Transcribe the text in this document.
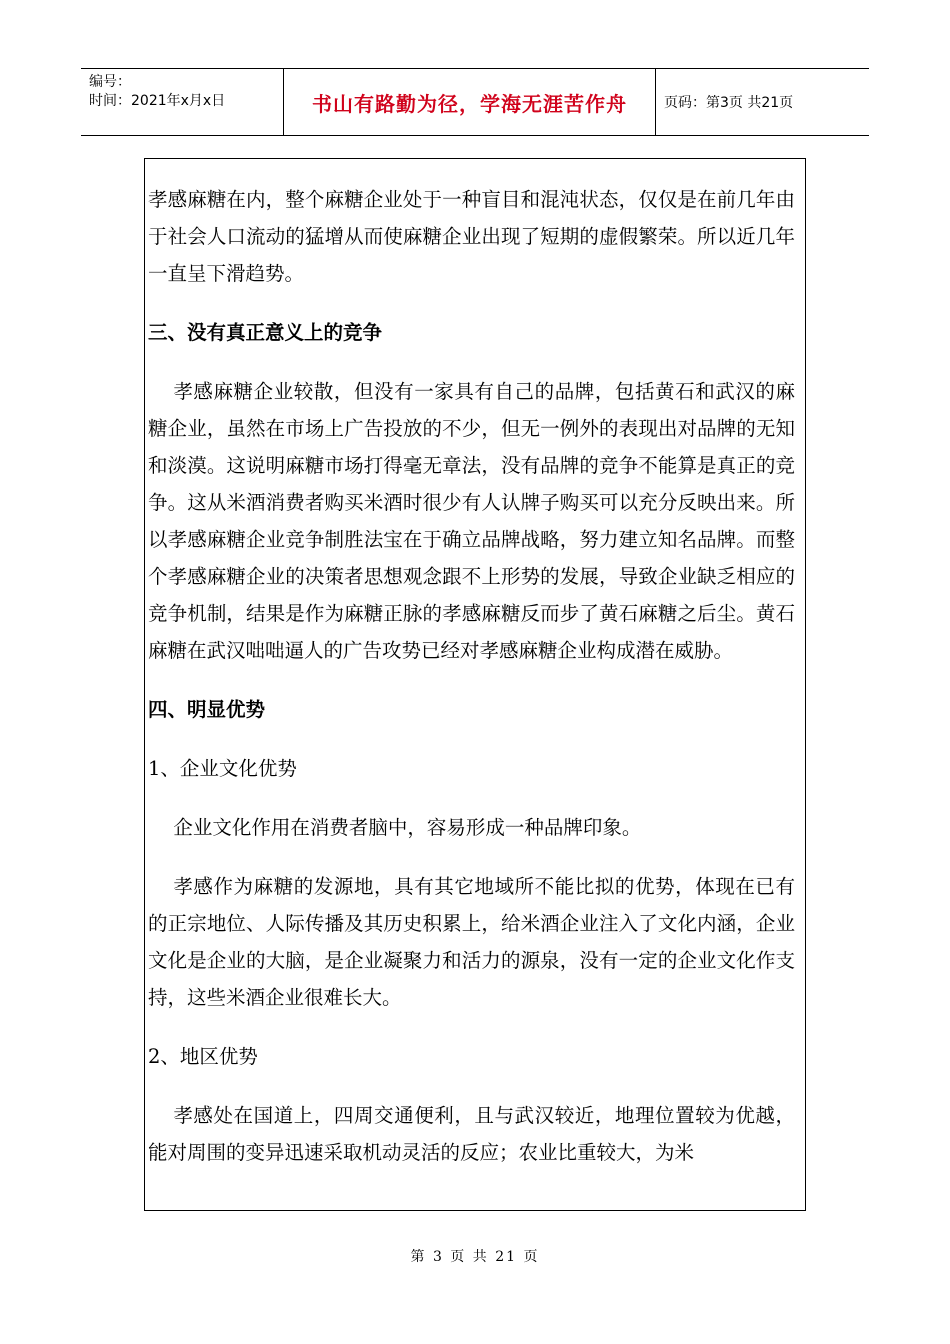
编号：
时间：2021年x月x日	书山有路勤为径，学海无涯苦作舟	页码：第3页 共21页
孝感麻糖在内，整个麻糖企业处于一种盲目和混沌状态，仅仅是在前几年由于社会人口流动的猛增从而使麻糖企业出现了短期的虚假繁荣。所以近几年一直呈下滑趋势。
三、没有真正意义上的竞争
孝感麻糖企业较散，但没有一家具有自己的品牌，包括黄石和武汉的麻糖企业，虽然在市场上广告投放的不少，但无一例外的表现出对品牌的无知和淡漠。这说明麻糖市场打得毫无章法，没有品牌的竞争不能算是真正的竞争。这从米酒消费者购买米酒时很少有人认牌子购买可以充分反映出来。所以孝感麻糖企业竞争制胜法宝在于确立品牌战略，努力建立知名品牌。而整个孝感麻糖企业的决策者思想观念跟不上形势的发展，导致企业缺乏相应的竞争机制，结果是作为麻糖正脉的孝感麻糖反而步了黄石麻糖之后尘。黄石麻糖在武汉咄咄逼人的广告攻势已经对孝感麻糖企业构成潜在威胁。
四、明显优势
1、企业文化优势
企业文化作用在消费者脑中，容易形成一种品牌印象。
孝感作为麻糖的发源地，具有其它地域所不能比拟的优势，体现在已有的正宗地位、人际传播及其历史积累上，给米酒企业注入了文化内涵，企业文化是企业的大脑，是企业凝聚力和活力的源泉，没有一定的企业文化作支持，这些米酒企业很难长大。
2、地区优势
孝感处在国道上，四周交通便利，且与武汉较近，地理位置较为优越，能对周围的变异迅速采取机动灵活的反应；农业比重较大，为米
第 3 页 共 21 页
